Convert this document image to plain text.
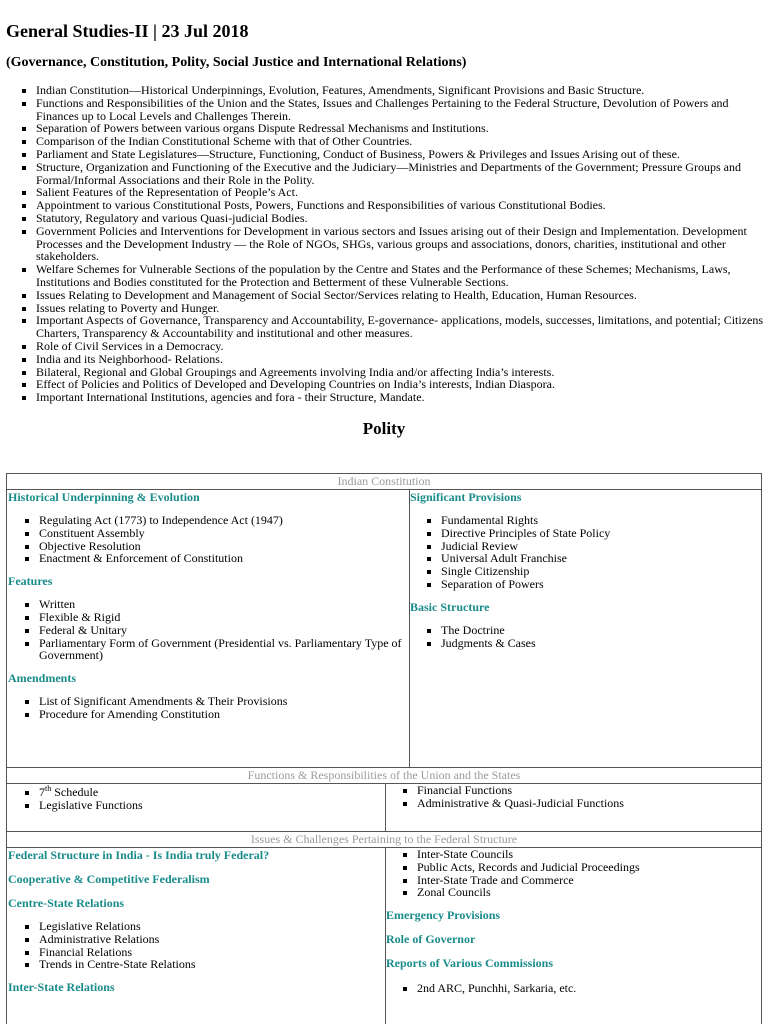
General Studies-II | 23 Jul 2018
(Governance, Constitution, Polity, Social Justice and International Relations)
▪ Indian Constitution—Historical Underpinnings, Evolution, Features, Amendments, Significant Provisions and Basic Structure.
▪ Functions and Responsibilities of the Union and the States, Issues and Challenges Pertaining to the Federal Structure, Devolution of Powers and Finances up to Local Levels and Challenges Therein.
▪ Separation of Powers between various organs Dispute Redressal Mechanisms and Institutions.
▪ Comparison of the Indian Constitutional Scheme with that of Other Countries.
▪ Parliament and State Legislatures—Structure, Functioning, Conduct of Business, Powers & Privileges and Issues Arising out of these.
▪ Structure, Organization and Functioning of the Executive and the Judiciary—Ministries and Departments of the Government; Pressure Groups and Formal/Informal Associations and their Role in the Polity.
▪ Salient Features of the Representation of People’s Act.
▪ Appointment to various Constitutional Posts, Powers, Functions and Responsibilities of various Constitutional Bodies.
▪ Statutory, Regulatory and various Quasi-judicial Bodies.
▪ Government Policies and Interventions for Development in various sectors and Issues arising out of their Design and Implementation. Development Processes and the Development Industry — the Role of NGOs, SHGs, various groups and associations, donors, charities, institutional and other stakeholders.
▪ Welfare Schemes for Vulnerable Sections of the population by the Centre and States and the Performance of these Schemes; Mechanisms, Laws, Institutions and Bodies constituted for the Protection and Betterment of these Vulnerable Sections.
▪ Issues Relating to Development and Management of Social Sector/Services relating to Health, Education, Human Resources.
▪ Issues relating to Poverty and Hunger.
▪ Important Aspects of Governance, Transparency and Accountability, E-governance- applications, models, successes, limitations, and potential; Citizens Charters, Transparency & Accountability and institutional and other measures.
▪ Role of Civil Services in a Democracy.
▪ India and its Neighborhood- Relations.
▪ Bilateral, Regional and Global Groupings and Agreements involving India and/or affecting India’s interests.
▪ Effect of Policies and Politics of Developed and Developing Countries on India’s interests, Indian Diaspora.
▪ Important International Institutions, agencies and fora - their Structure, Mandate.
Polity
Indian Constitution

Historical Underpinning & Evolution

▪ Regulating Act (1773) to Independence Act (1947)
▪ Constituent Assembly
▪ Objective Resolution
▪ Enactment & Enforcement of Constitution

Features

▪ Written
▪ Flexible & Rigid
▪ Federal & Unitary
▪ Parliamentary Form of Government (Presidential vs. Parliamentary Type of Government)

Amendments

▪ List of Significant Amendments & Their Provisions
▪ Procedure for Amending Constitution

Significant Provisions

▪ Fundamental Rights
▪ Directive Principles of State Policy
▪ Judicial Review
▪ Universal Adult Franchise
▪ Single Citizenship
▪ Separation of Powers

Basic Structure

▪ The Doctrine
▪ Judgments & Cases
Functions & Responsibilities of the Union and the States
▪ 7th Schedule
▪ Legislative Functions
▪ Financial Functions
▪ Administrative & Quasi-Judicial Functions
Issues & Challenges Pertaining to the Federal Structure

Federal Structure in India - Is India truly Federal?

Cooperative & Competitive Federalism

Centre-State Relations

▪ Legislative Relations
▪ Administrative Relations
▪ Financial Relations
▪ Trends in Centre-State Relations

Inter-State Relations

▪ Inter-State Councils
▪ Public Acts, Records and Judicial Proceedings
▪ Inter-State Trade and Commerce
▪ Zonal Councils

Emergency Provisions

Role of Governor

Reports of Various Commissions

▪ 2nd ARC, Punchhi, Sarkaria, etc.
